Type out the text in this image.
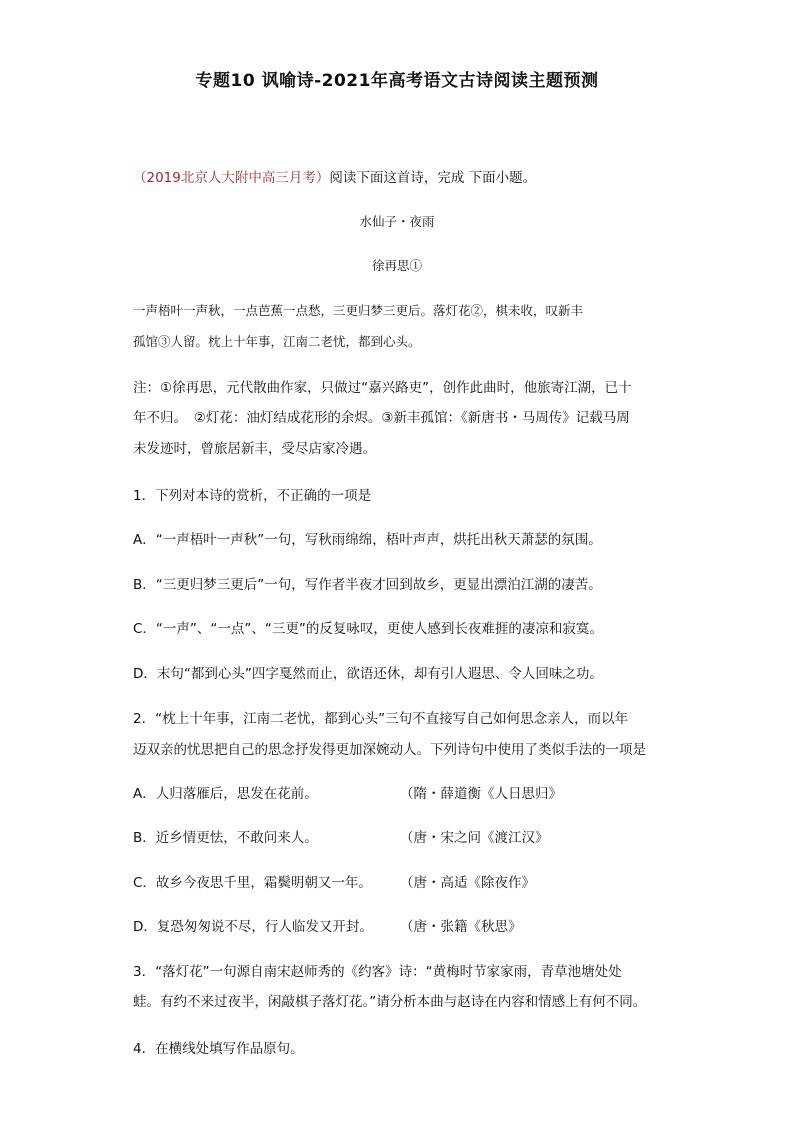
专题10 讽喻诗-2021年高考语文古诗阅读主题预测
（2019北京人大附中高三月考）阅读下面这首诗，完成 下面小题。
水仙子・夜雨
徐再思①
一声梧叶一声秋，一点芭蕉一点愁，三更归梦三更后。落灯花②，棋未收，叹新丰
孤馆③人留。枕上十年事，江南二老忧，都到心头。
注：①徐再思，元代散曲作家，只做过“嘉兴路吏”，创作此曲时，他旅寄江湖，已十
年不归。　②灯花：油灯结成花形的余烬。③新丰孤馆：《新唐书・马周传》记载马周
未发迹时，曾旅居新丰，受尽店家冷遇。
1．下列对本诗的赏析，不正确的一项是
A．“一声梧叶一声秋”一句，写秋雨绵绵，梧叶声声，烘托出秋天萧瑟的氛围。
B．“三更归梦三更后”一句，写作者半夜才回到故乡，更显出漂泊江湖的凄苦。
C．“一声”、“一点”、“三更”的反复咏叹，更使人感到长夜难捱的凄凉和寂寞。
D．末句“都到心头”四字戛然而止，欲语还休，却有引人遐思、令人回味之功。
2．“枕上十年事，江南二老忧，都到心头”三句不直接写自己如何思念亲人，而以年
迈双亲的忧思把自己的思念抒发得更加深婉动人。下列诗句中使用了类似手法的一项是
A．人归落雁后，思发在花前。	（隋・薛道衡《人日思归》
B．近乡情更怯，不敢问来人。	（唐・宋之问《渡江汉》
C．故乡今夜思千里，霜鬓明朝又一年。 （唐・高适《除夜作》
D．复恐匆匆说不尽，行人临发又开封。 （唐・张籍《秋思》
3．“落灯花”一句源自南宋赵师秀的《约客》诗：“黄梅时节家家雨，青草池塘处处
蛙。有约不来过夜半，闲敲棋子落灯花。”请分析本曲与赵诗在内容和情感上有何不同。
4．在横线处填写作品原句。
